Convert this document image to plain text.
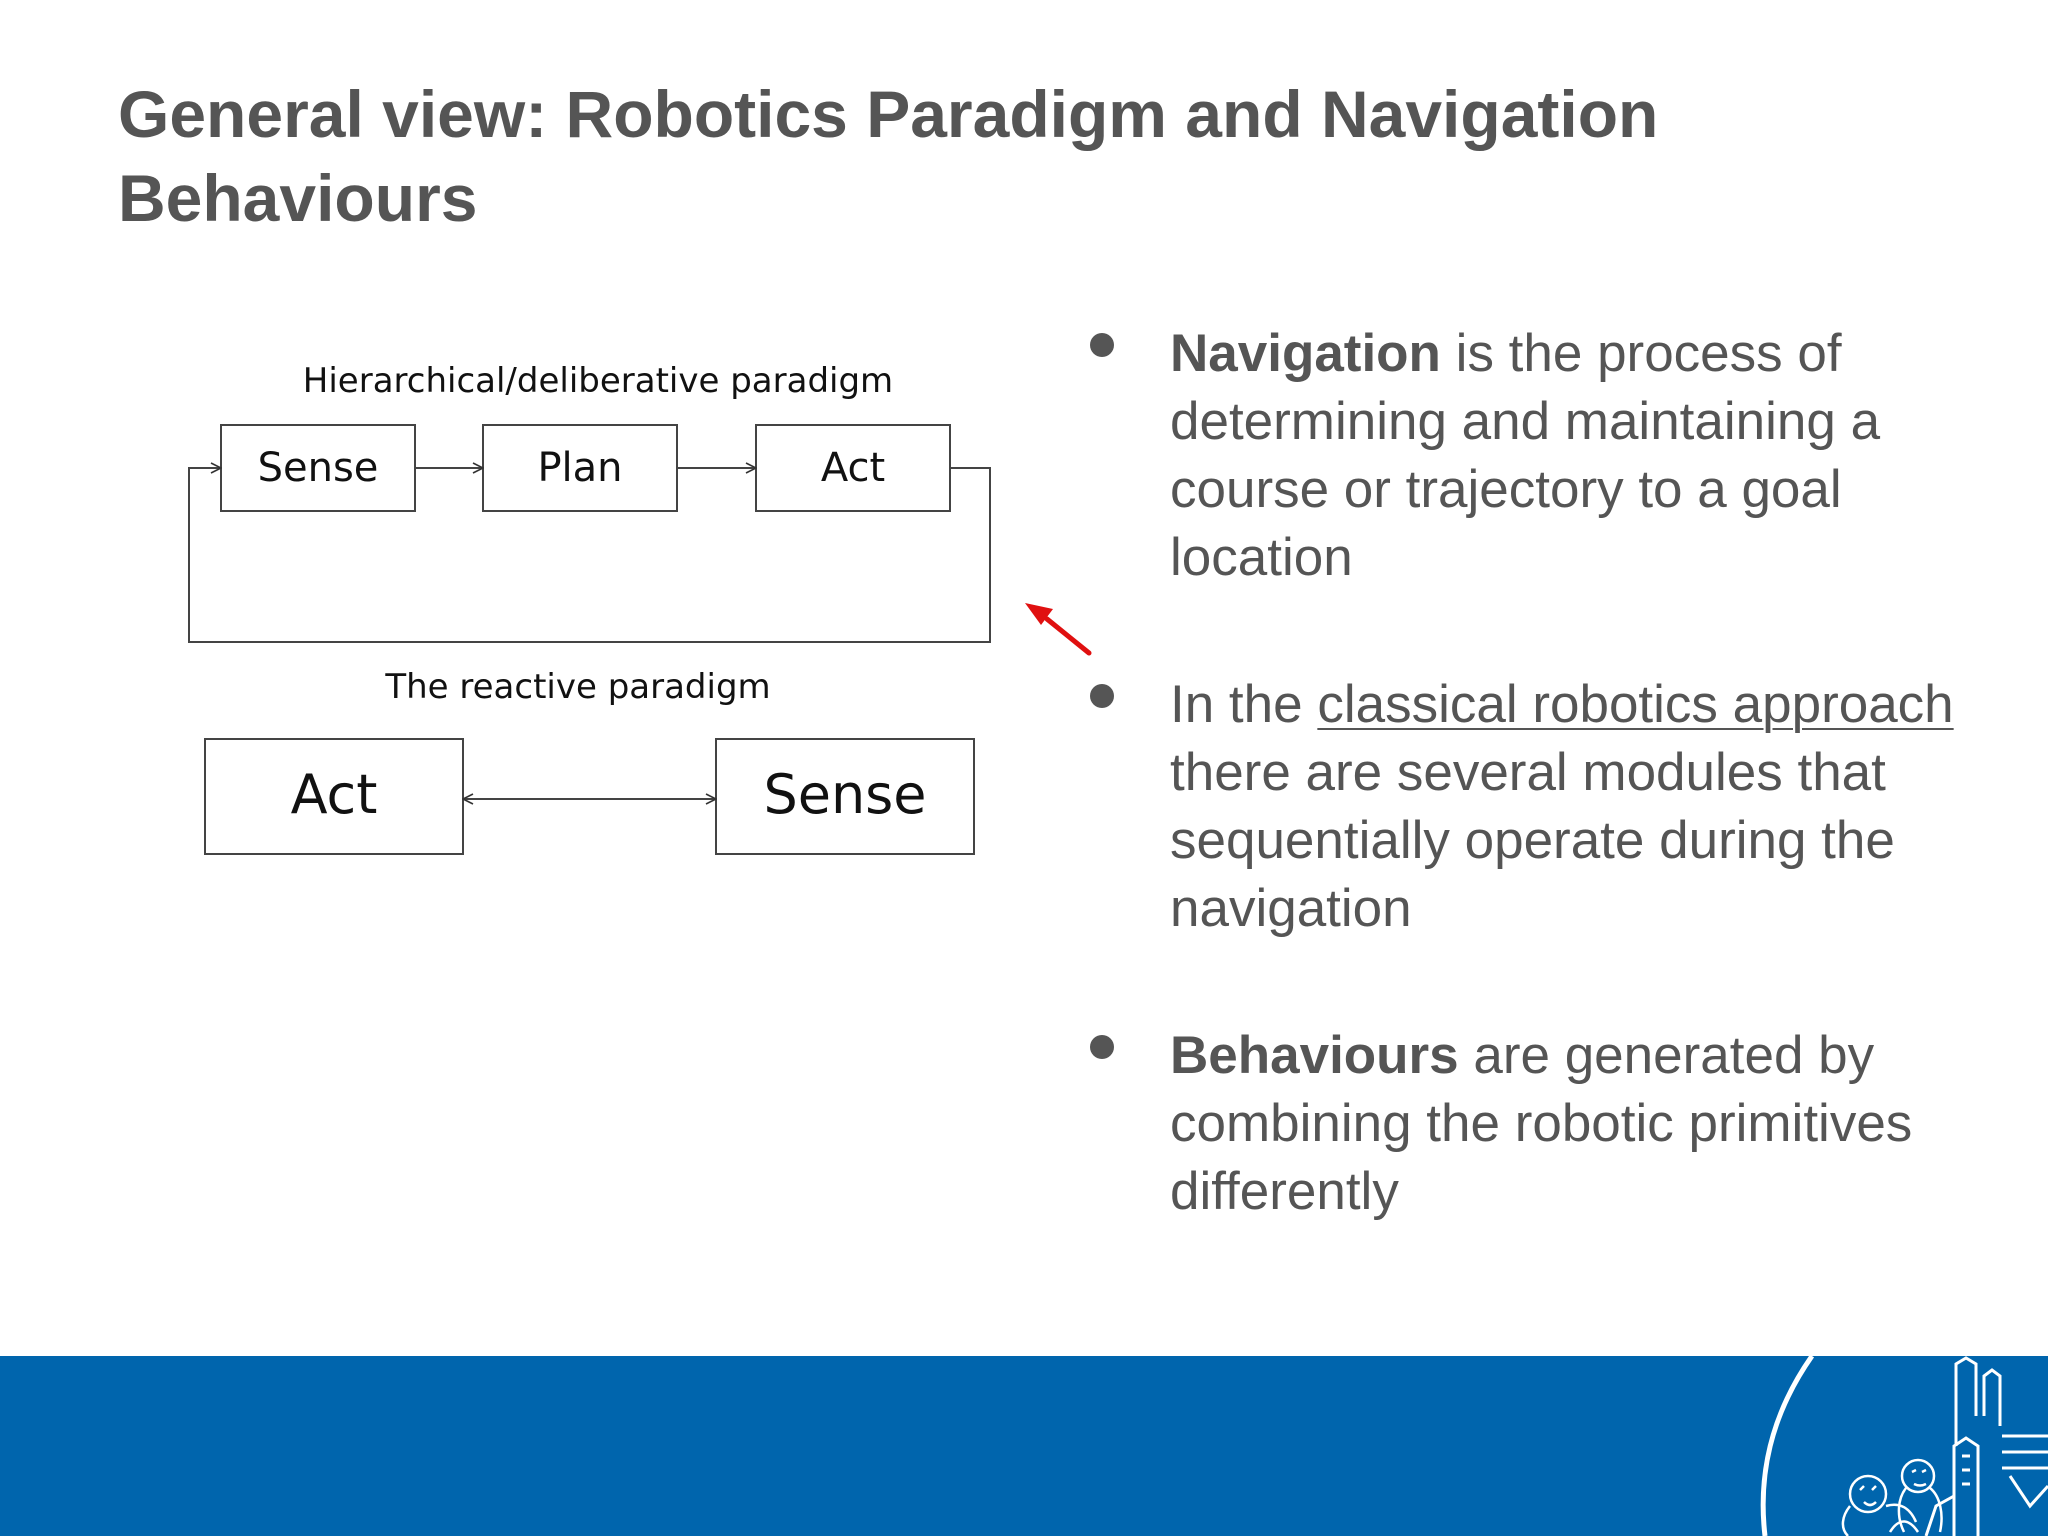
General view: Robotics Paradigm and Navigation Behaviours
Hierarchical/deliberative paradigm
Sense	Plan	Act
The reactive paradigm
Act	Sense
Navigation is the process of determining and maintaining a course or trajectory to a goal location
In the classical robotics approach there are several modules that sequentially operate during the navigation
Behaviours are generated by combining the robotic primitives differently
